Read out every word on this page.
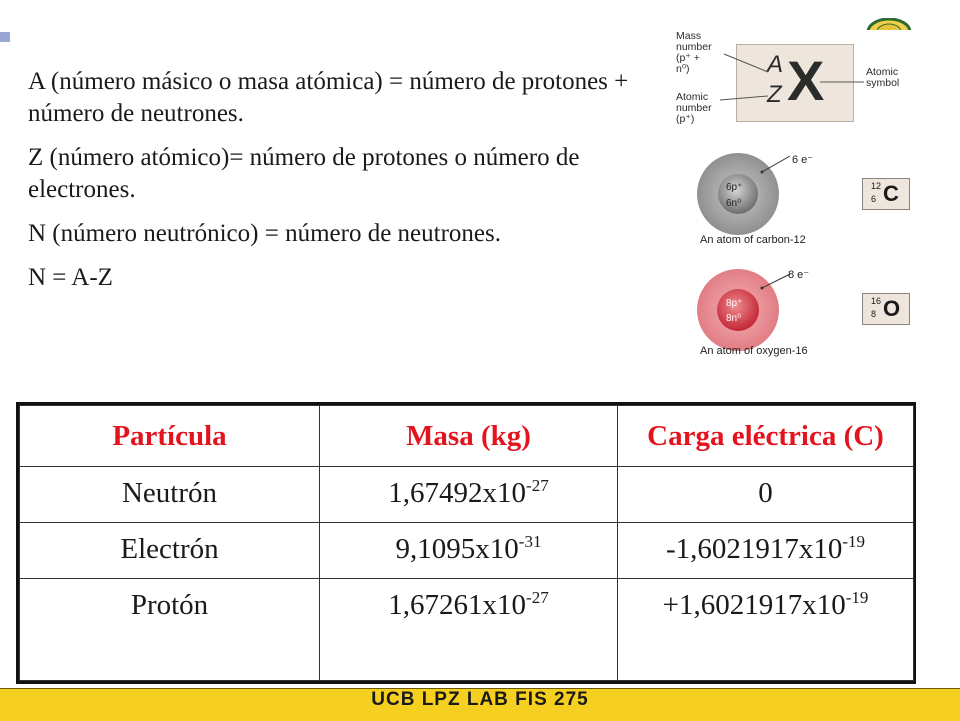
A (número másico o masa atómica) = número de protones + número de neutrones.

Z (número atómico)= número de protones o número de electrones.

N (número neutrónico) = número de neutrones.

N = A-Z

Mass
number
(p⁺ + n⁰)
Atomic
number
(p⁺)
A
Z X	Atomic
symbol
6 e⁻
6p⁺
6n⁰
An atom of carbon-12
12
6 C
8 e⁻
8p⁺
8n⁰
An atom of oxygen-16
16
8 O
Partícula	Masa (kg)	Carga eléctrica (C)
Neutrón	$1,67492x10^{-27}$	0
Electrón	$9,1095x10^{-31}$	$-1,6021917x10^{-19}$
Protón	$1,67261x10^{-27}$	$+1,6021917x10^{-19}$
UCB LPZ LAB FIS 275
